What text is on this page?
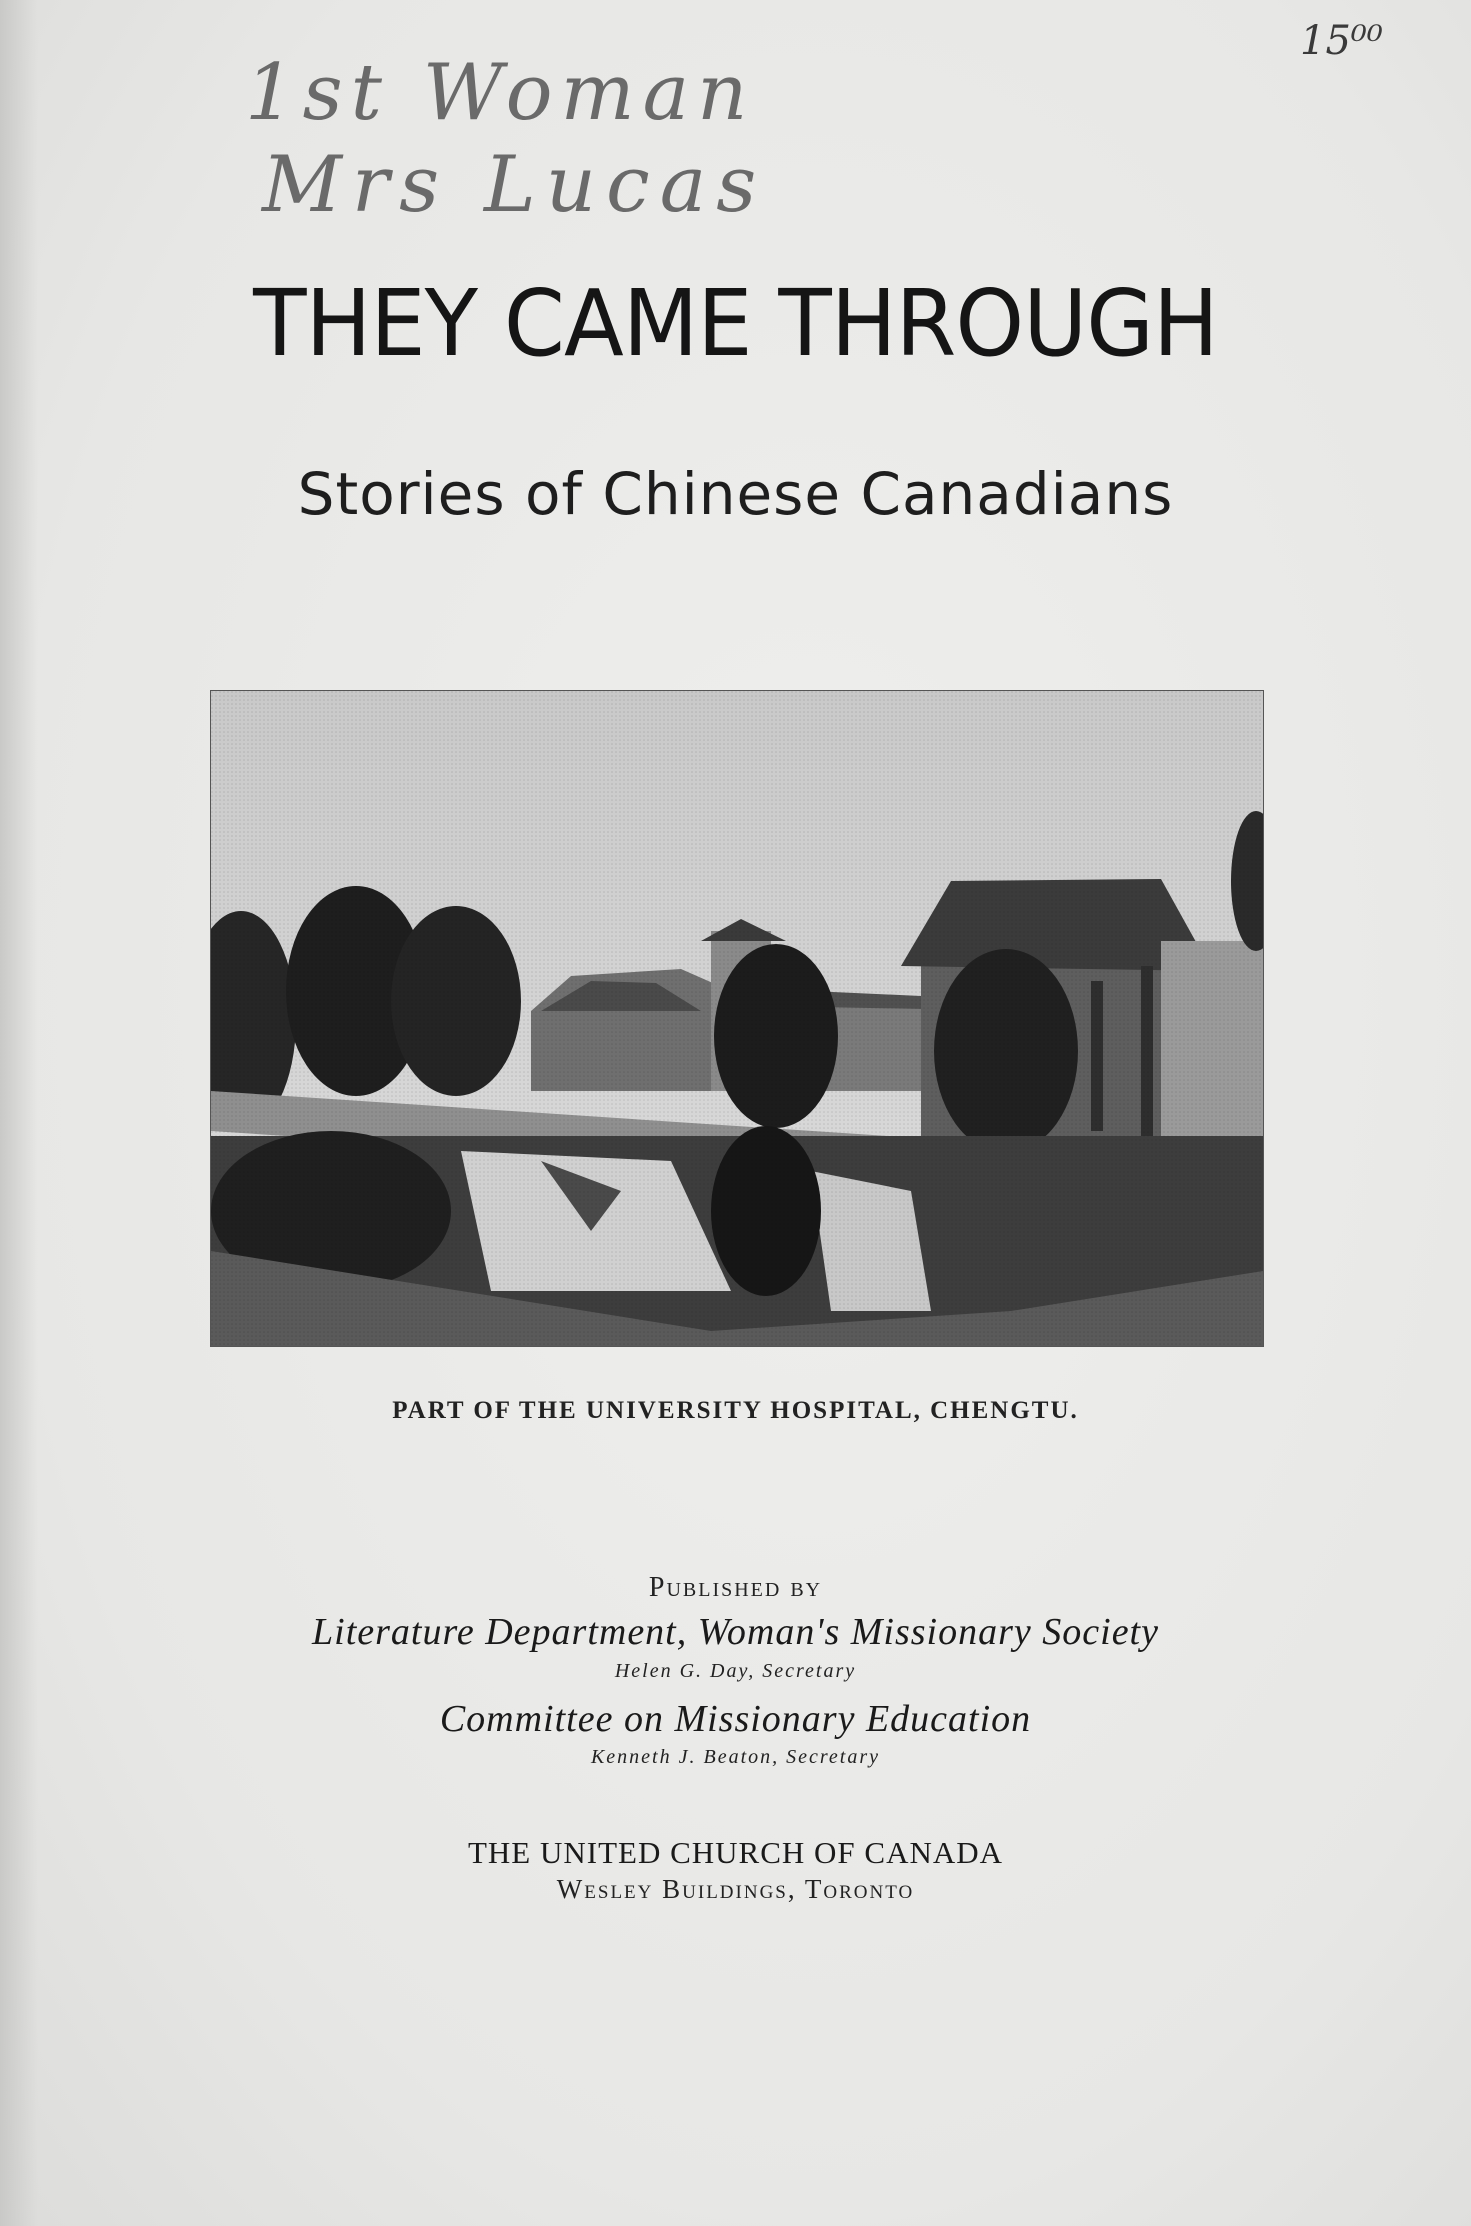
15⁰⁰
1st Woman
Mrs Lucas
THEY CAME THROUGH
Stories of Chinese Canadians
PART OF THE UNIVERSITY HOSPITAL, CHENGTU.
Published by
Literature Department, Woman's Missionary Society
Helen G. Day, Secretary
Committee on Missionary Education
Kenneth J. Beaton, Secretary
THE UNITED CHURCH OF CANADA
Wesley Buildings, Toronto
